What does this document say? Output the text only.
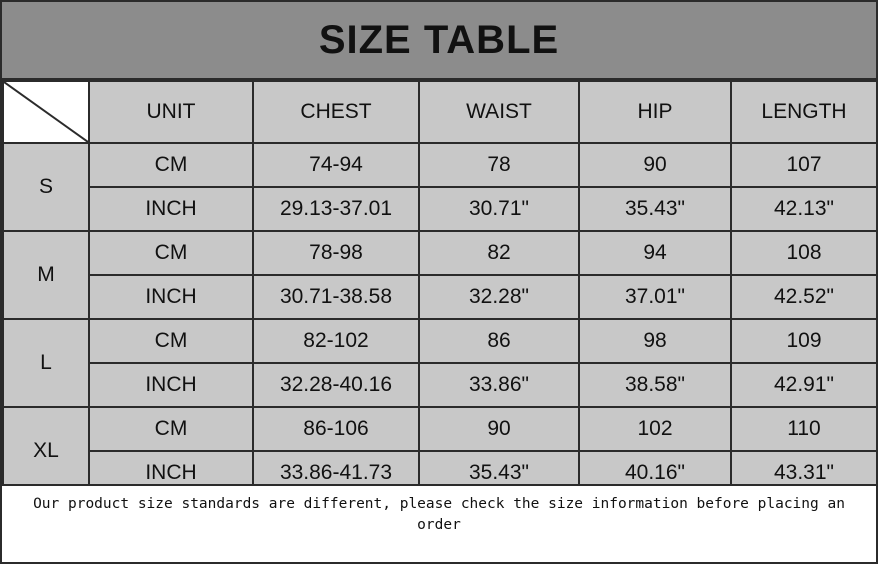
SIZE TABLE
	UNIT	CHEST	WAIST	HIP	LENGTH
S	CM	74-94	78	90	107
	INCH	29.13-37.01	30.71"	35.43"	42.13"
M	CM	78-98	82	94	108
	INCH	30.71-38.58	32.28"	37.01"	42.52"
L	CM	82-102	86	98	109
	INCH	32.28-40.16	33.86"	38.58"	42.91"
XL	CM	86-106	90	102	110
	INCH	33.86-41.73	35.43"	40.16"	43.31"
Our product size standards are different, please check the size information before placing an order
